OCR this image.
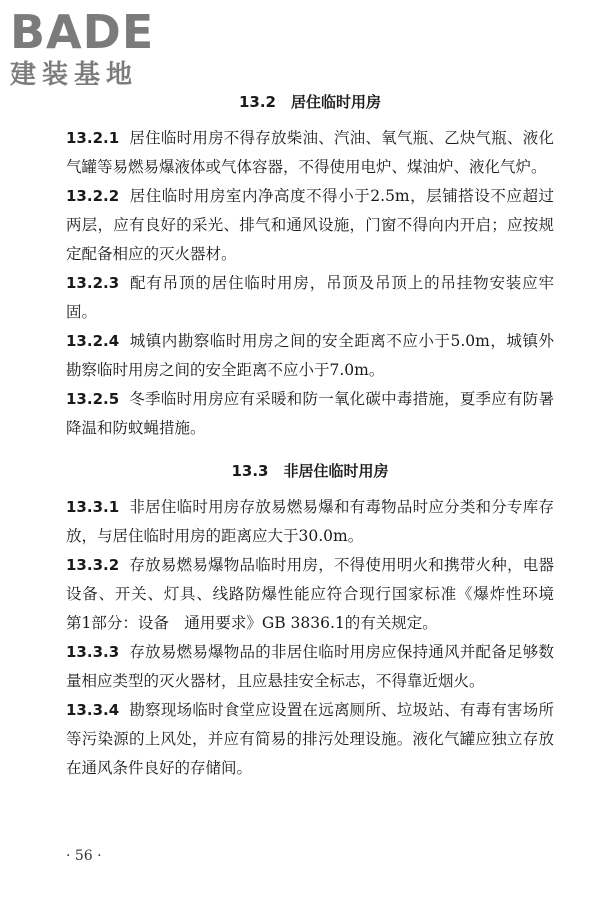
BADE
建装基地
13.2　居住临时用房

13.2.1 居住临时用房不得存放柴油、汽油、氧气瓶、乙炔气瓶、液化气罐等易燃易爆液体或气体容器，不得使用电炉、煤油炉、液化气炉。

13.2.2 居住临时用房室内净高度不得小于2.5m，层铺搭设不应超过两层，应有良好的采光、排气和通风设施，门窗不得向内开启；应按规定配备相应的灭火器材。

13.2.3 配有吊顶的居住临时用房，吊顶及吊顶上的吊挂物安装应牢固。

13.2.4 城镇内勘察临时用房之间的安全距离不应小于5.0m，城镇外勘察临时用房之间的安全距离不应小于7.0m。

13.2.5 冬季临时用房应有采暖和防一氧化碳中毒措施，夏季应有防暑降温和防蚊蝇措施。

13.3　非居住临时用房

13.3.1 非居住临时用房存放易燃易爆和有毒物品时应分类和分专库存放，与居住临时用房的距离应大于30.0m。

13.3.2 存放易燃易爆物品临时用房，不得使用明火和携带火种，电器设备、开关、灯具、线路防爆性能应符合现行国家标准《爆炸性环境　第1部分：设备　通用要求》GB 3836.1的有关规定。

13.3.3 存放易燃易爆物品的非居住临时用房应保持通风并配备足够数量相应类型的灭火器材，且应悬挂安全标志，不得靠近烟火。

13.3.4 勘察现场临时食堂应设置在远离厕所、垃圾站、有毒有害场所等污染源的上风处，并应有简易的排污处理设施。液化气罐应独立存放在通风条件良好的存储间。

· 56 ·
